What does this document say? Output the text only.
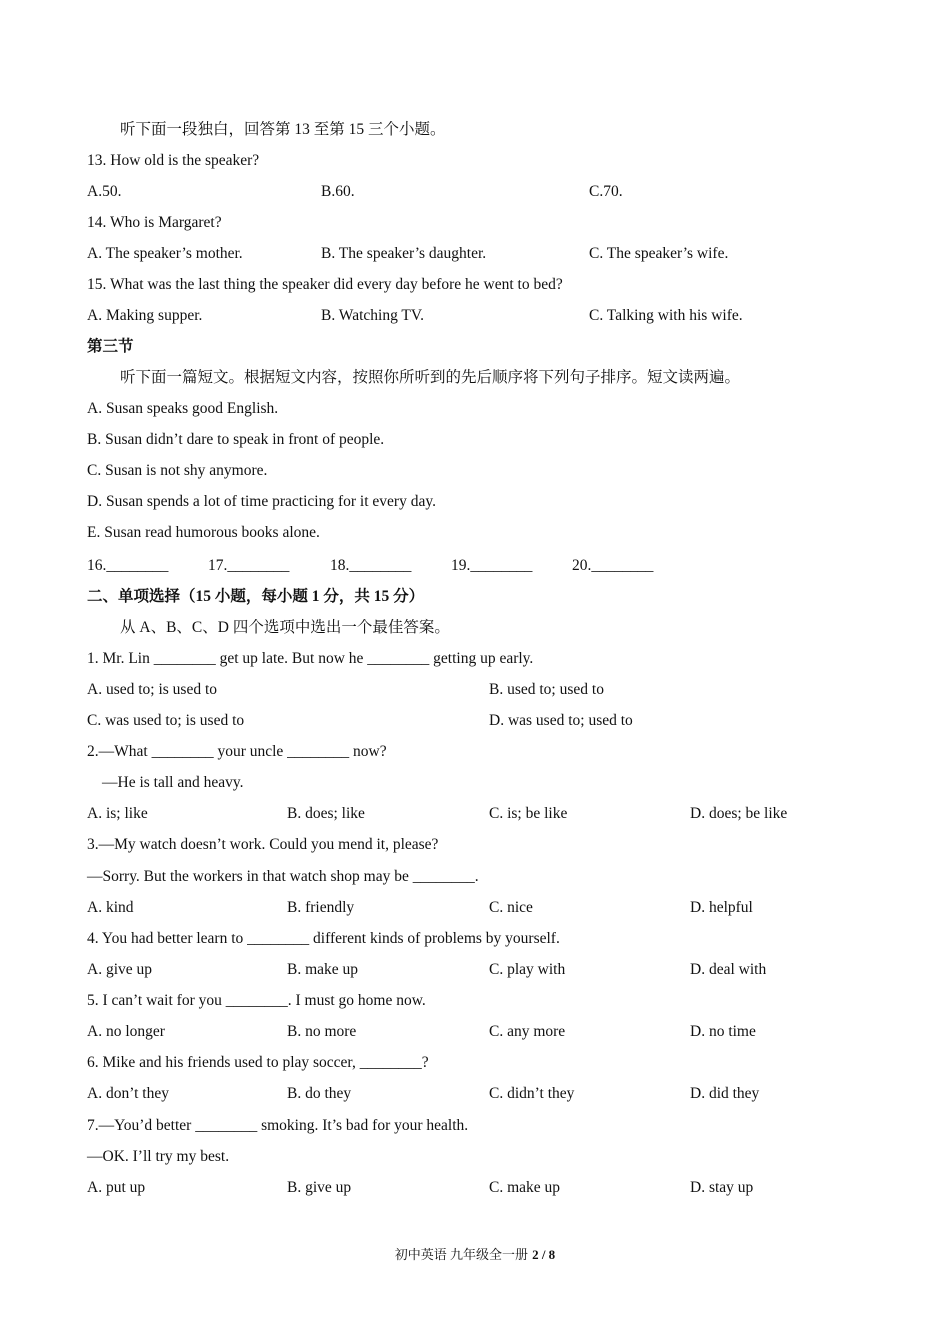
听下面一段独白，回答第 13 至第 15 三个小题。
13. How old is the speaker?
A.50.	B.60.	C.70.
14. Who is Margaret?
A. The speaker’s mother.	B. The speaker’s daughter.	C. The speaker’s wife.
15. What was the last thing the speaker did every day before he went to bed?
A. Making supper.	B. Watching TV.	C. Talking with his wife.
第三节
听下面一篇短文。根据短文内容，按照你所听到的先后顺序将下列句子排序。短文读两遍。
A. Susan speaks good English.
B. Susan didn’t dare to speak in front of people.
C. Susan is not shy anymore.
D. Susan spends a lot of time practicing for it every day.
E. Susan read humorous books alone.
16.________	17.________	18.________	19.________	20.________
二、单项选择（15 小题，每小题 1 分，共 15 分）
从 A、B、C、D 四个选项中选出一个最佳答案。
1. Mr. Lin ________ get up late. But now he ________ getting up early.
A. used to; is used to	B. used to; used to
C. was used to; is used to	D. was used to; used to
2.—What ________ your uncle ________ now?
—He is tall and heavy.
A. is; like	B. does; like	C. is; be like	D. does; be like
3.—My watch doesn’t work. Could you mend it, please?
—Sorry. But the workers in that watch shop may be ________.
A. kind	B. friendly	C. nice	D. helpful
4. You had better learn to ________ different kinds of problems by yourself.
A. give up	B. make up	C. play with	D. deal with
5. I can’t wait for you ________. I must go home now.
A. no longer	B. no more	C. any more	D. no time
6. Mike and his friends used to play soccer, ________?
A. don’t they	B. do they	C. didn’t they	D. did they
7.—You’d better ________ smoking. It’s bad for your health.
—OK. I’ll try my best.
A. put up	B. give up	C. make up	D. stay up
初中英语 九年级全一册 2 / 8
